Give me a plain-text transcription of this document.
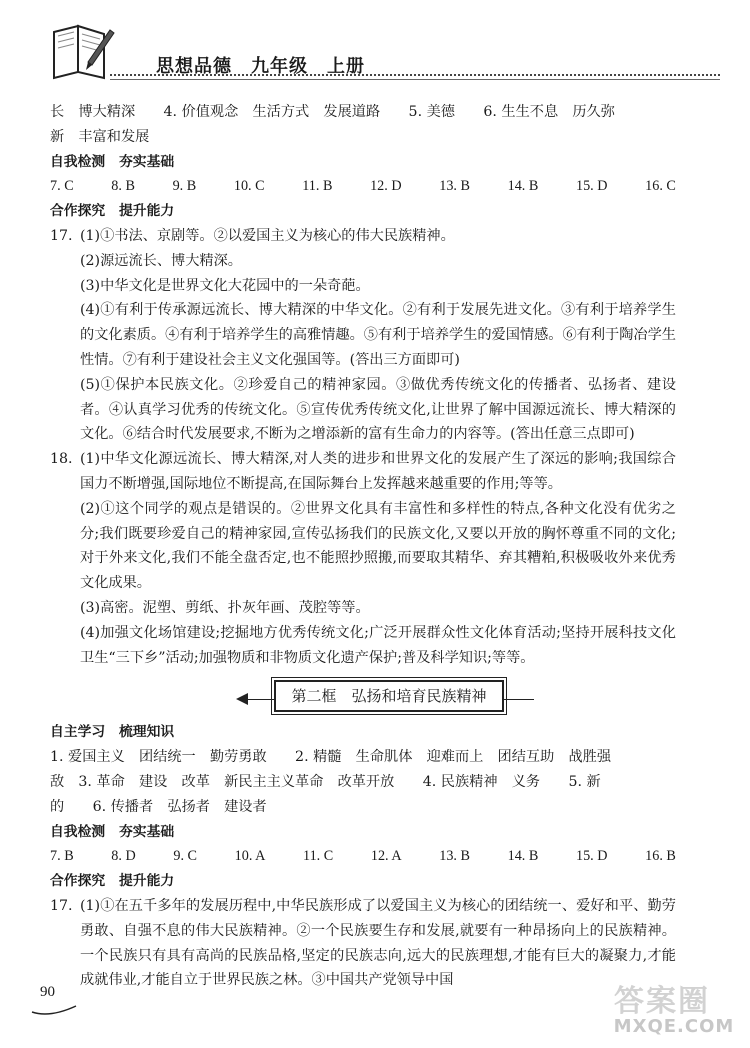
思想品德　九年级　上册

长　博大精深　　4. 价值观念　生活方式　发展道路　　5. 美德　　6. 生生不息　历久弥

新　丰富和发展

自我检测　夯实基础

7. C	8. B	9. B	10. C	11. B	12. D	13. B	14. B	15. D	16. C

合作探究　提升能力

17. (1)①书法、京剧等。②以爱国主义为核心的伟大民族精神。

(2)源远流长、博大精深。

(3)中华文化是世界文化大花园中的一朵奇葩。

(4)①有利于传承源远流长、博大精深的中华文化。②有利于发展先进文化。③有利于培养学生的文化素质。④有利于培养学生的高雅情趣。⑤有利于培养学生的爱国情感。⑥有利于陶冶学生性情。⑦有利于建设社会主义文化强国等。(答出三方面即可)

(5)①保护本民族文化。②珍爱自己的精神家园。③做优秀传统文化的传播者、弘扬者、建设者。④认真学习优秀的传统文化。⑤宣传优秀传统文化,让世界了解中国源远流长、博大精深的文化。⑥结合时代发展要求,不断为之增添新的富有生命力的内容等。(答出任意三点即可)

18. (1)中华文化源远流长、博大精深,对人类的进步和世界文化的发展产生了深远的影响;我国综合国力不断增强,国际地位不断提高,在国际舞台上发挥越来越重要的作用;等等。

(2)①这个同学的观点是错误的。②世界文化具有丰富性和多样性的特点,各种文化没有优劣之分;我们既要珍爱自己的精神家园,宣传弘扬我们的民族文化,又要以开放的胸怀尊重不同的文化;对于外来文化,我们不能全盘否定,也不能照抄照搬,而要取其精华、弃其糟粕,积极吸收外来优秀文化成果。

(3)高密。泥塑、剪纸、扑灰年画、茂腔等等。

(4)加强文化场馆建设;挖掘地方优秀传统文化;广泛开展群众性文化体育活动;坚持开展科技文化卫生“三下乡”活动;加强物质和非物质文化遗产保护;普及科学知识;等等。

第二框　弘扬和培育民族精神

自主学习　梳理知识

1. 爱国主义　团结统一　勤劳勇敢　　2. 精髓　生命肌体　迎难而上　团结互助　战胜强

敌　3. 革命　建设　改革　新民主主义革命　改革开放　　4. 民族精神　义务　　5. 新

的　　6. 传播者　弘扬者　建设者

自我检测　夯实基础

7. B	8. D	9. C	10. A	11. C	12. A	13. B	14. B	15. D	16. B

合作探究　提升能力

17. (1)①在五千多年的发展历程中,中华民族形成了以爱国主义为核心的团结统一、爱好和平、勤劳勇敢、自强不息的伟大民族精神。②一个民族要生存和发展,就要有一种昂扬向上的民族精神。一个民族只有具有高尚的民族品格,坚定的民族志向,远大的民族理想,才能有巨大的凝聚力,才能成就伟业,才能自立于世界民族之林。③中国共产党领导中国
90	答案圈
MXQE.COM
